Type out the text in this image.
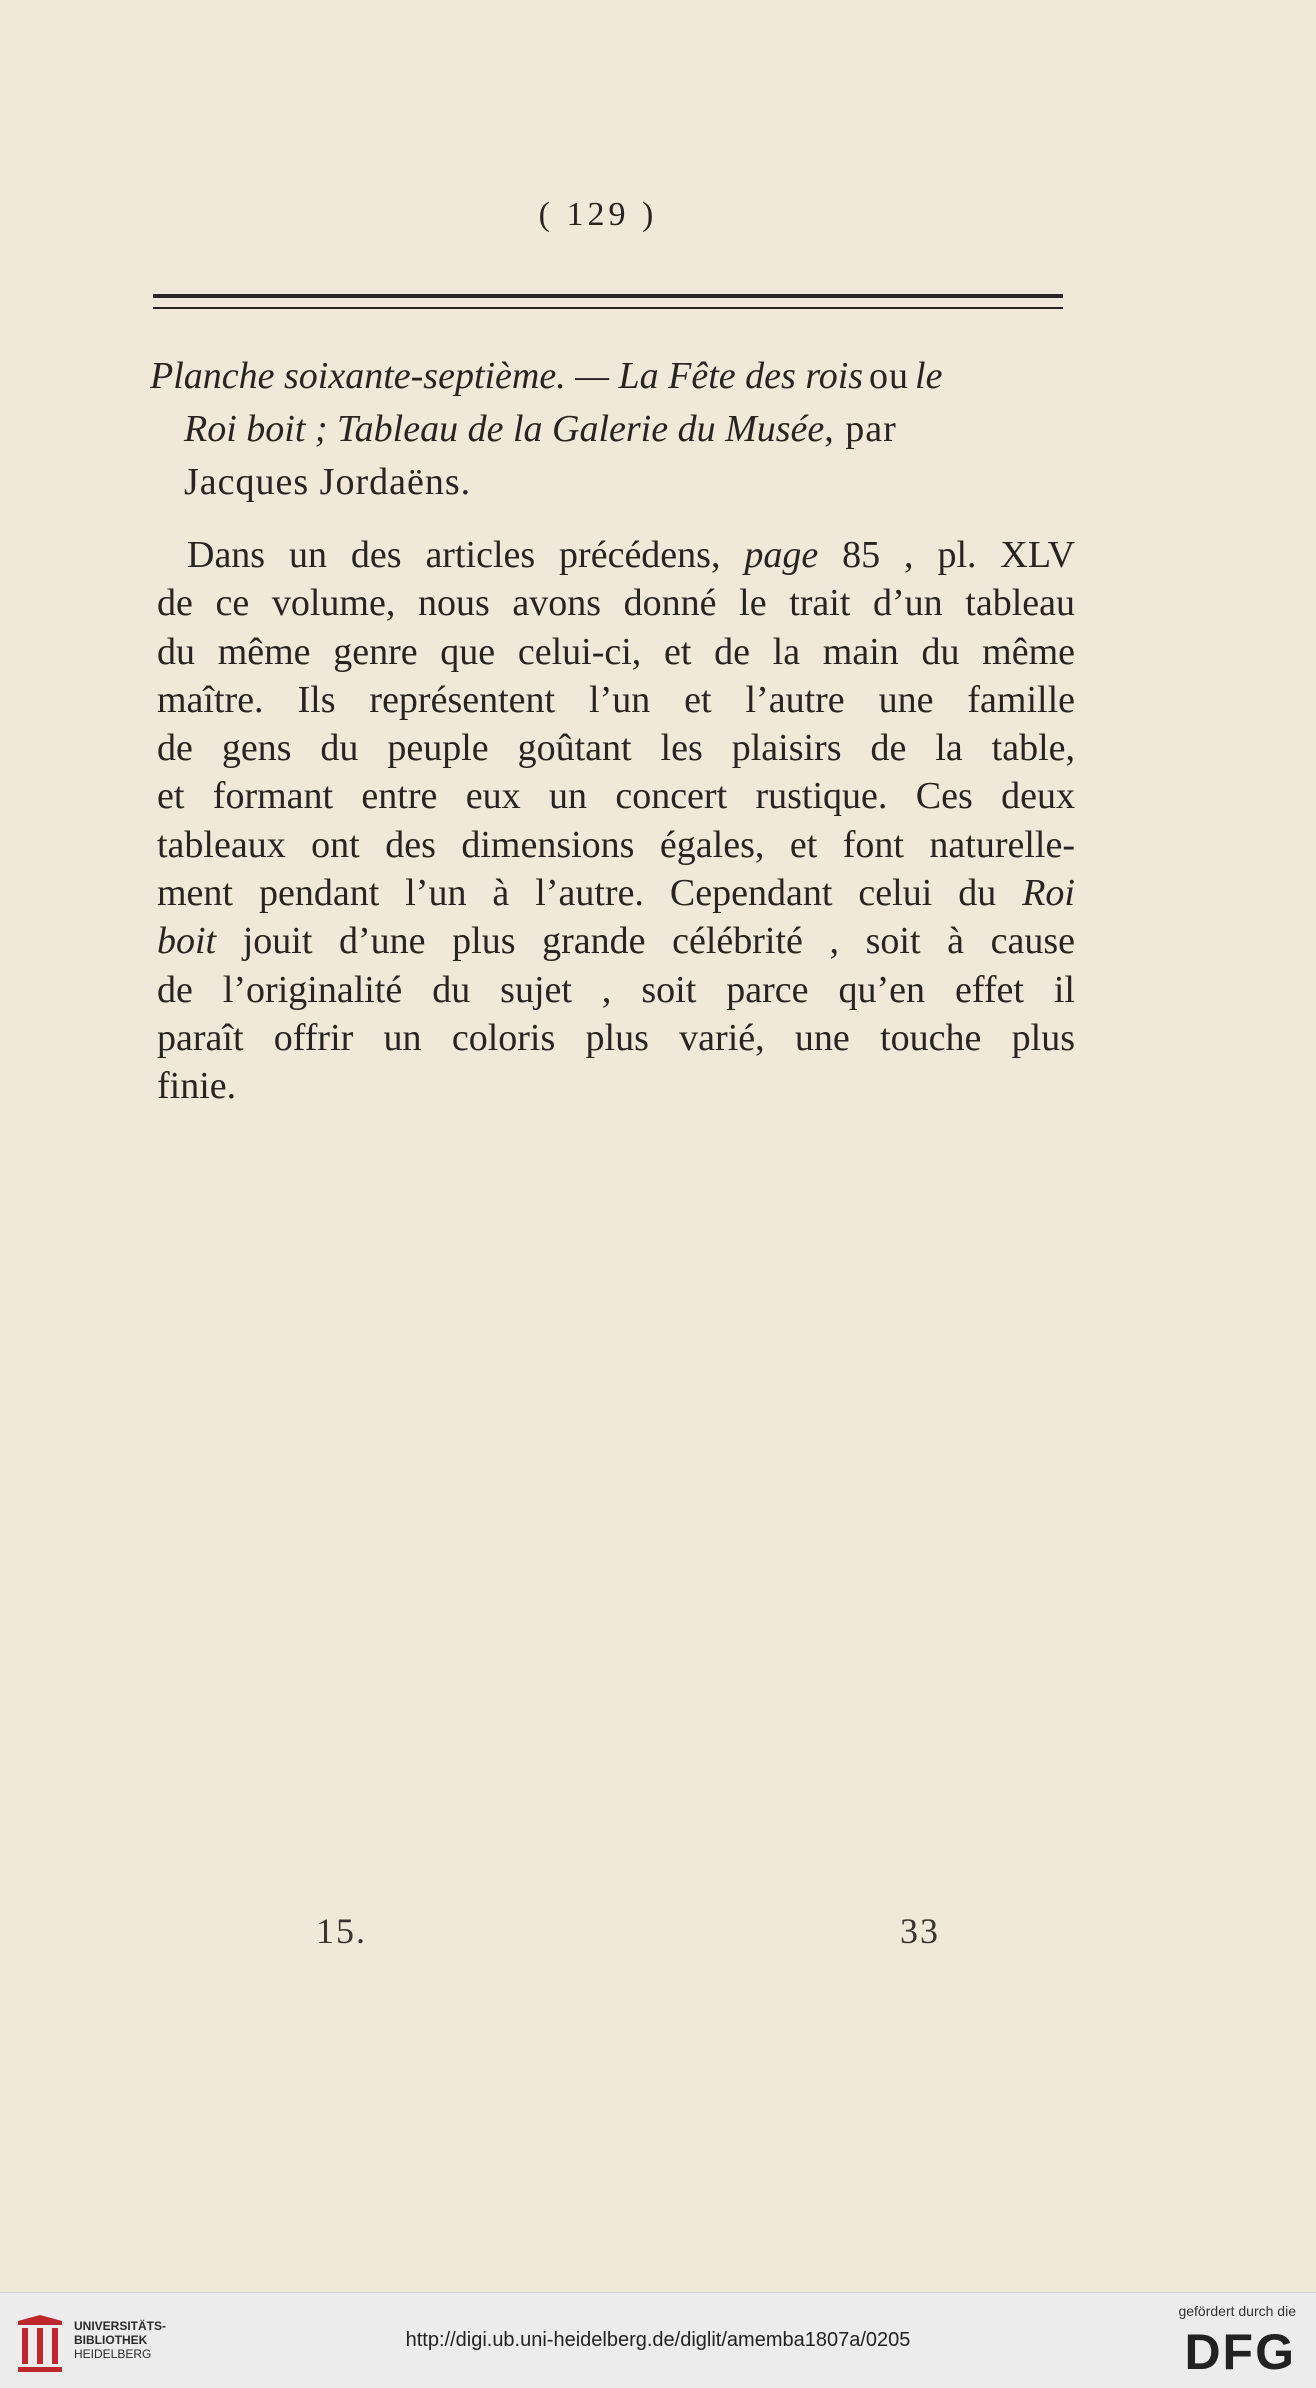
( 129 )
Planche soixante-septième. — La Fête des rois ou le
Roi boit ; Tableau de la Galerie du Musée, par
Jacques Jordaëns.
Dans un des articles précédens, page 85 , pl. XLV
de ce volume, nous avons donné le trait d’un tableau
du même genre que celui-ci, et de la main du même
maître. Ils représentent l’un et l’autre une famille
de gens du peuple goûtant les plaisirs de la table,
et formant entre eux un concert rustique. Ces deux
tableaux ont des dimensions égales, et font naturelle-
ment pendant l’un à l’autre. Cependant celui du Roi
boit jouit d’une plus grande célébrité , soit à cause
de l’originalité du sujet , soit parce qu’en effet il
paraît offrir un coloris plus varié, une touche plus
finie.
15.	33
UNIVERSITÄTS-
BIBLIOTHEK
HEIDELBERG
http://digi.ub.uni-heidelberg.de/diglit/amemba1807a/0205
gefördert durch die
DFG
